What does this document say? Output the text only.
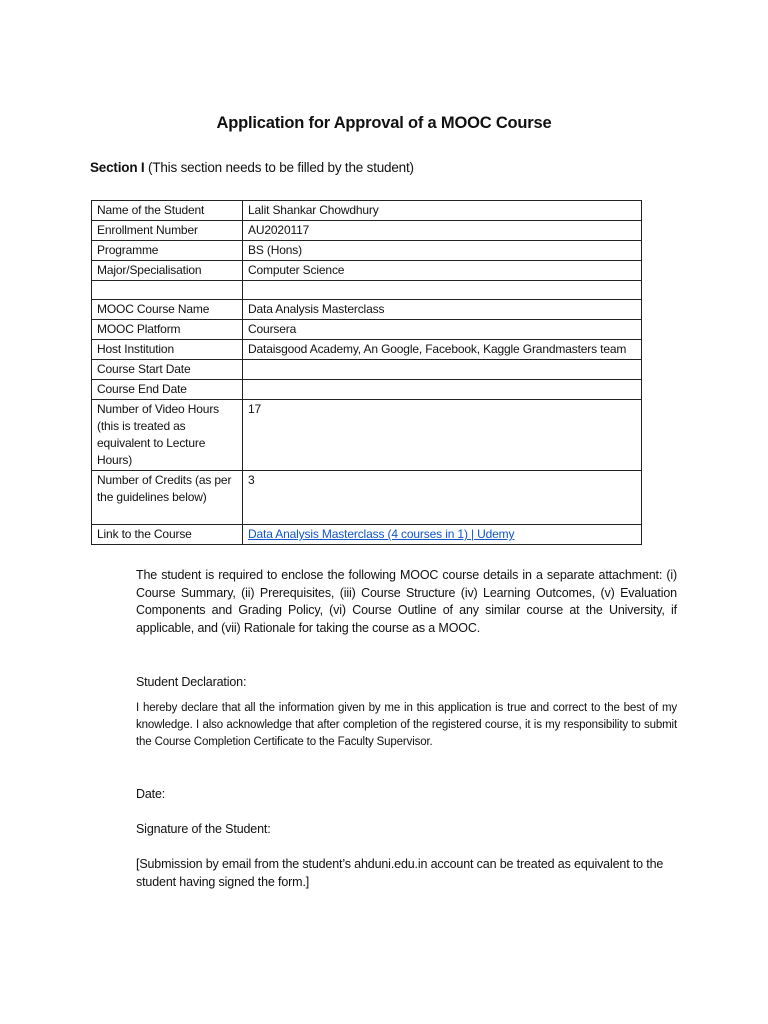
Application for Approval of a MOOC Course
Section I (This section needs to be filled by the student)
Name of the Student	Lalit Shankar Chowdhury
Enrollment Number	AU2020117
Programme	BS (Hons)
Major/Specialisation	Computer Science

MOOC Course Name	Data Analysis Masterclass
MOOC Platform	Coursera
Host Institution	Dataisgood Academy, An Google, Facebook, Kaggle Grandmasters team
Course Start Date	
Course End Date	
Number of Video Hours (this is treated as equivalent to Lecture Hours)	17
Number of Credits (as per the guidelines below)	3
Link to the Course	Data Analysis Masterclass (4 courses in 1) | Udemy
The student is required to enclose the following MOOC course details in a separate attachment: (i) Course Summary, (ii) Prerequisites, (iii) Course Structure (iv) Learning Outcomes, (v) Evaluation Components and Grading Policy, (vi) Course Outline of any similar course at the University, if applicable, and (vii) Rationale for taking the course as a MOOC.
Student Declaration:
I hereby declare that all the information given by me in this application is true and correct to the best of my knowledge. I also acknowledge that after completion of the registered course, it is my responsibility to submit the Course Completion Certificate to the Faculty Supervisor.
Date:
Signature of the Student:
[Submission by email from the student’s ahduni.edu.in account can be treated as equivalent to the student having signed the form.]
